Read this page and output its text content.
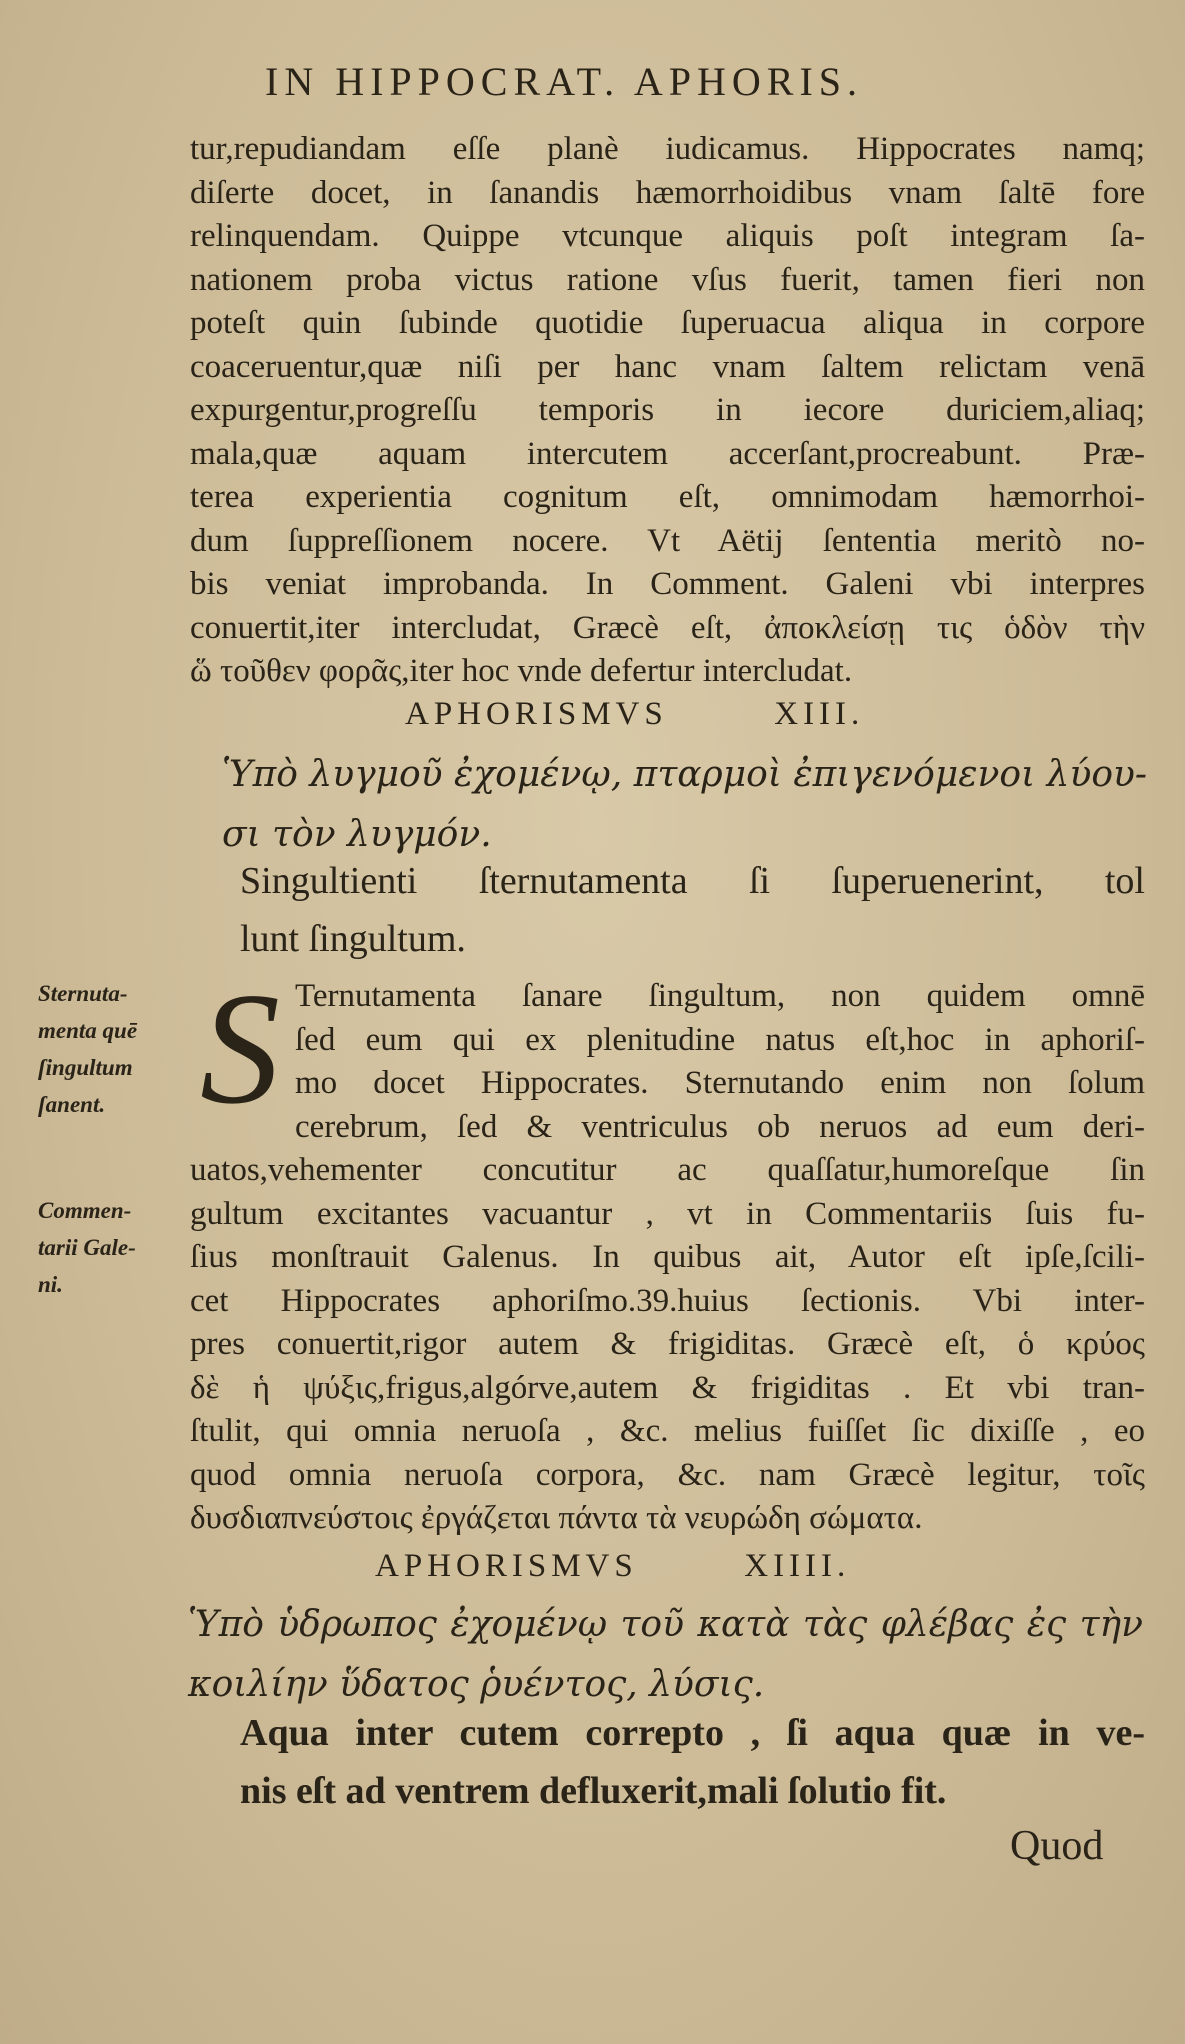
IN HIPPOCRAT. APHORIS.
tur,repudiandam eſſe planè iudicamus. Hippocrates namq;
diſerte docet, in ſanandis hæmorrhoidibus vnam ſaltē fore
relinquendam. Quippe vtcunque aliquis poſt integram ſa-
nationem proba victus ratione vſus fuerit, tamen fieri non
poteſt quin ſubinde quotidie ſuperuacua aliqua in corpore
coaceruentur,quæ niſi per hanc vnam ſaltem relictam venā
expurgentur,progreſſu temporis in iecore duriciem,aliaq;
mala,quæ aquam intercutem accerſant,procreabunt. Præ-
terea experientia cognitum eſt, omnimodam hæmorrhoi-
dum ſuppreſſionem nocere. Vt Aëtij ſententia meritò no-
bis veniat improbanda. In Comment. Galeni vbi interpres
conuertit,iter intercludat, Græcè eſt, ἀποκλείσῃ τις ὁδὸν τὴν
ὥ τοῦθεν φορᾶς,iter hoc vnde defertur intercludat.
APHORISMVS	XIII.
Ὑπὸ λυγμοῦ ἐχομένῳ, πταρμοὶ ἐπιγενόμενοι λύου-
σι τὸν λυγμόν.
Singultienti ſternutamenta ſi ſuperuenerint, tol
lunt ſingultum.
Sternuta-
menta quē
ſingultum
ſanent. S Ternutamenta ſanare ſingultum, non quidem omnē
ſed eum qui ex plenitudine natus eſt,hoc in aphoriſ-
mo docet Hippocrates. Sternutando enim non ſolum
cerebrum, ſed & ventriculus ob neruos ad eum deri-
Commen-
tarii Gale-
ni.
uatos,vehementer concutitur ac quaſſatur,humoreſque ſin
gultum excitantes vacuantur , vt in Commentariis ſuis fu-
ſius monſtrauit Galenus. In quibus ait, Autor eſt ipſe,ſcili-
cet Hippocrates aphoriſmo.39.huius ſectionis. Vbi inter-
pres conuertit,rigor autem & frigiditas. Græcè eſt, ὁ κρύος
δὲ ἡ ψύξις,frigus,algórve,autem & frigiditas . Et vbi tran-
ſtulit, qui omnia neruoſa , &c. melius fuiſſet ſic dixiſſe , eo
quod omnia neruoſa corpora, &c. nam Græcè legitur, τοῖς
δυσδιαπνεύστοις ἐργάζεται πάντα τὰ νευρώδη σώματα.
APHORISMVS	XIIII.
Ὑπὸ ὑδρωπος ἐχομένῳ τοῦ κατὰ τὰς φλέβας ἐς τὴν
κοιλίην ὕδατος ῥυέντος, λύσις.
Aqua inter cutem correpto , ſi aqua quæ in ve-
nis eſt ad ventrem defluxerit,mali ſolutio fit.
Quod
